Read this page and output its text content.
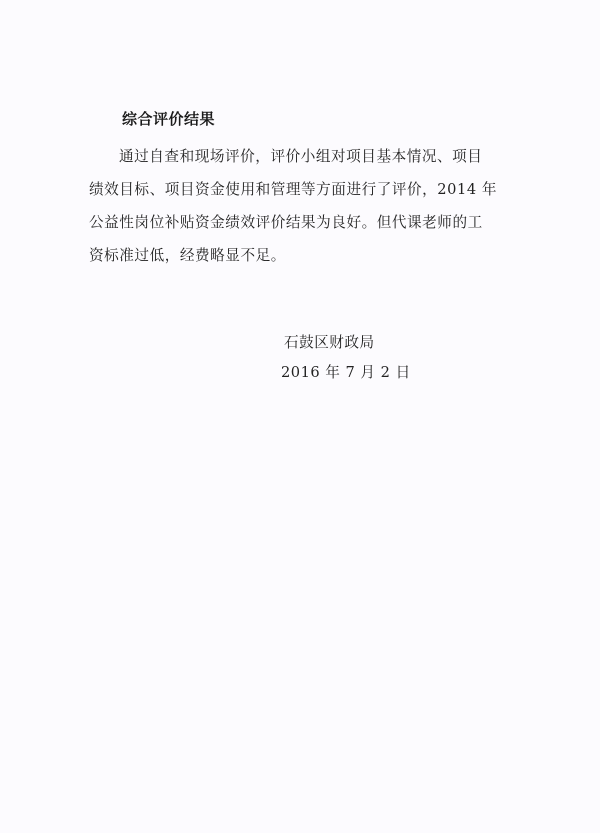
综合评价结果
通过自查和现场评价，评价小组对项目基本情况、项目
绩效目标、项目资金使用和管理等方面进行了评价，2014 年
公益性岗位补贴资金绩效评价结果为良好。但代课老师的工
资标准过低，经费略显不足。
石鼓区财政局
2016 年 7 月 2 日
